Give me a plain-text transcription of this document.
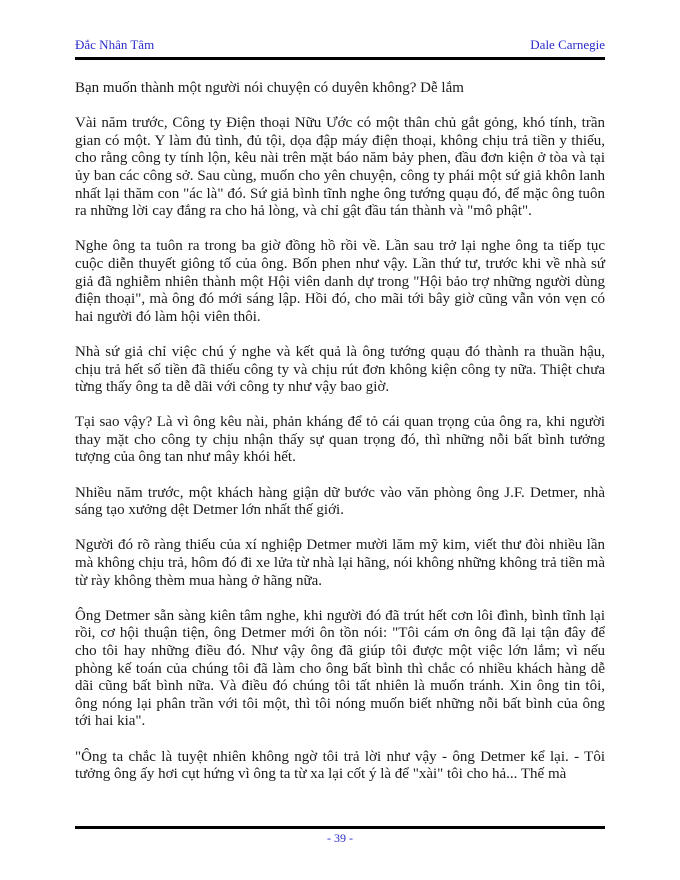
Đắc Nhân Tâm	Dale Carnegie

Bạn muốn thành một người nói chuyện có duyên không? Dễ lắm

Vài năm trước, Công ty Điện thoại Nữu Ước có một thân chủ gắt gỏng, khó tính, trần gian có một. Y làm đủ tình, đủ tội, dọa đập máy điện thoại, không chịu trả tiền y thiếu, cho rằng công ty tính lộn, kêu nài trên mặt báo năm bảy phen, đầu đơn kiện ở tòa và tại ủy ban các công sở. Sau cùng, muốn cho yên chuyện, công ty phái một sứ giả khôn lanh nhất lại thăm con "ác là" đó. Sứ giả bình tĩnh nghe ông tướng quạu đó, để mặc ông tuôn ra những lời cay đắng ra cho hả lòng, và chỉ gật đầu tán thành và "mô phật".

Nghe ông ta tuôn ra trong ba giờ đồng hồ rồi về. Lần sau trở lại nghe ông ta tiếp tục cuộc diễn thuyết giông tố của ông. Bốn phen như vậy. Lần thứ tư, trước khi về nhà sứ giả đã nghiễm nhiên thành một Hội viên danh dự trong "Hội bảo trợ những người dùng điện thoại", mà ông đó mới sáng lập. Hồi đó, cho mãi tới bây giờ cũng vẫn vỏn vẹn có hai người đó làm hội viên thôi.

Nhà sứ giả chỉ việc chú ý nghe và kết quả là ông tướng quạu đó thành ra thuần hậu, chịu trả hết số tiền đã thiếu công ty và chịu rút đơn không kiện công ty nữa. Thiệt chưa từng thấy ông ta dễ dãi với công ty như vậy bao giờ.

Tại sao vậy? Là vì ông kêu nài, phản kháng để tỏ cái quan trọng của ông ra, khi người thay mặt cho công ty chịu nhận thấy sự quan trọng đó, thì những nỗi bất bình tưởng tượng của ông tan như mây khói hết.

Nhiều năm trước, một khách hàng giận dữ bước vào văn phòng ông J.F. Detmer, nhà sáng tạo xưởng dệt Detmer lớn nhất thế giới.

Người đó rõ ràng thiếu của xí nghiệp Detmer mười lăm mỹ kim, viết thư đòi nhiều lần mà không chịu trả, hôm đó đi xe lửa từ nhà lại hãng, nói không những không trả tiền mà từ rày không thèm mua hàng ở hãng nữa.

Ông Detmer sẵn sàng kiên tâm nghe, khi người đó đã trút hết cơn lôi đình, bình tĩnh lại rồi, cơ hội thuận tiện, ông Detmer mới ôn tồn nói: "Tôi cám ơn ông đã lại tận đây để cho tôi hay những điều đó. Như vậy ông đã giúp tôi được một việc lớn lắm; vì nếu phòng kế toán của chúng tôi đã làm cho ông bất bình thì chắc có nhiều khách hàng dễ dãi cũng bất bình nữa. Và điều đó chúng tôi tất nhiên là muốn tránh. Xin ông tin tôi, ông nóng lại phân trần với tôi một, thì tôi nóng muốn biết những nỗi bất bình của ông tới hai kia".

"Ông ta chắc là tuyệt nhiên không ngờ tôi trả lời như vậy - ông Detmer kể lại. - Tôi tưởng ông ấy hơi cụt hứng vì ông ta từ xa lại cốt ý là để "xài" tôi cho hả... Thế mà

- 39 -
